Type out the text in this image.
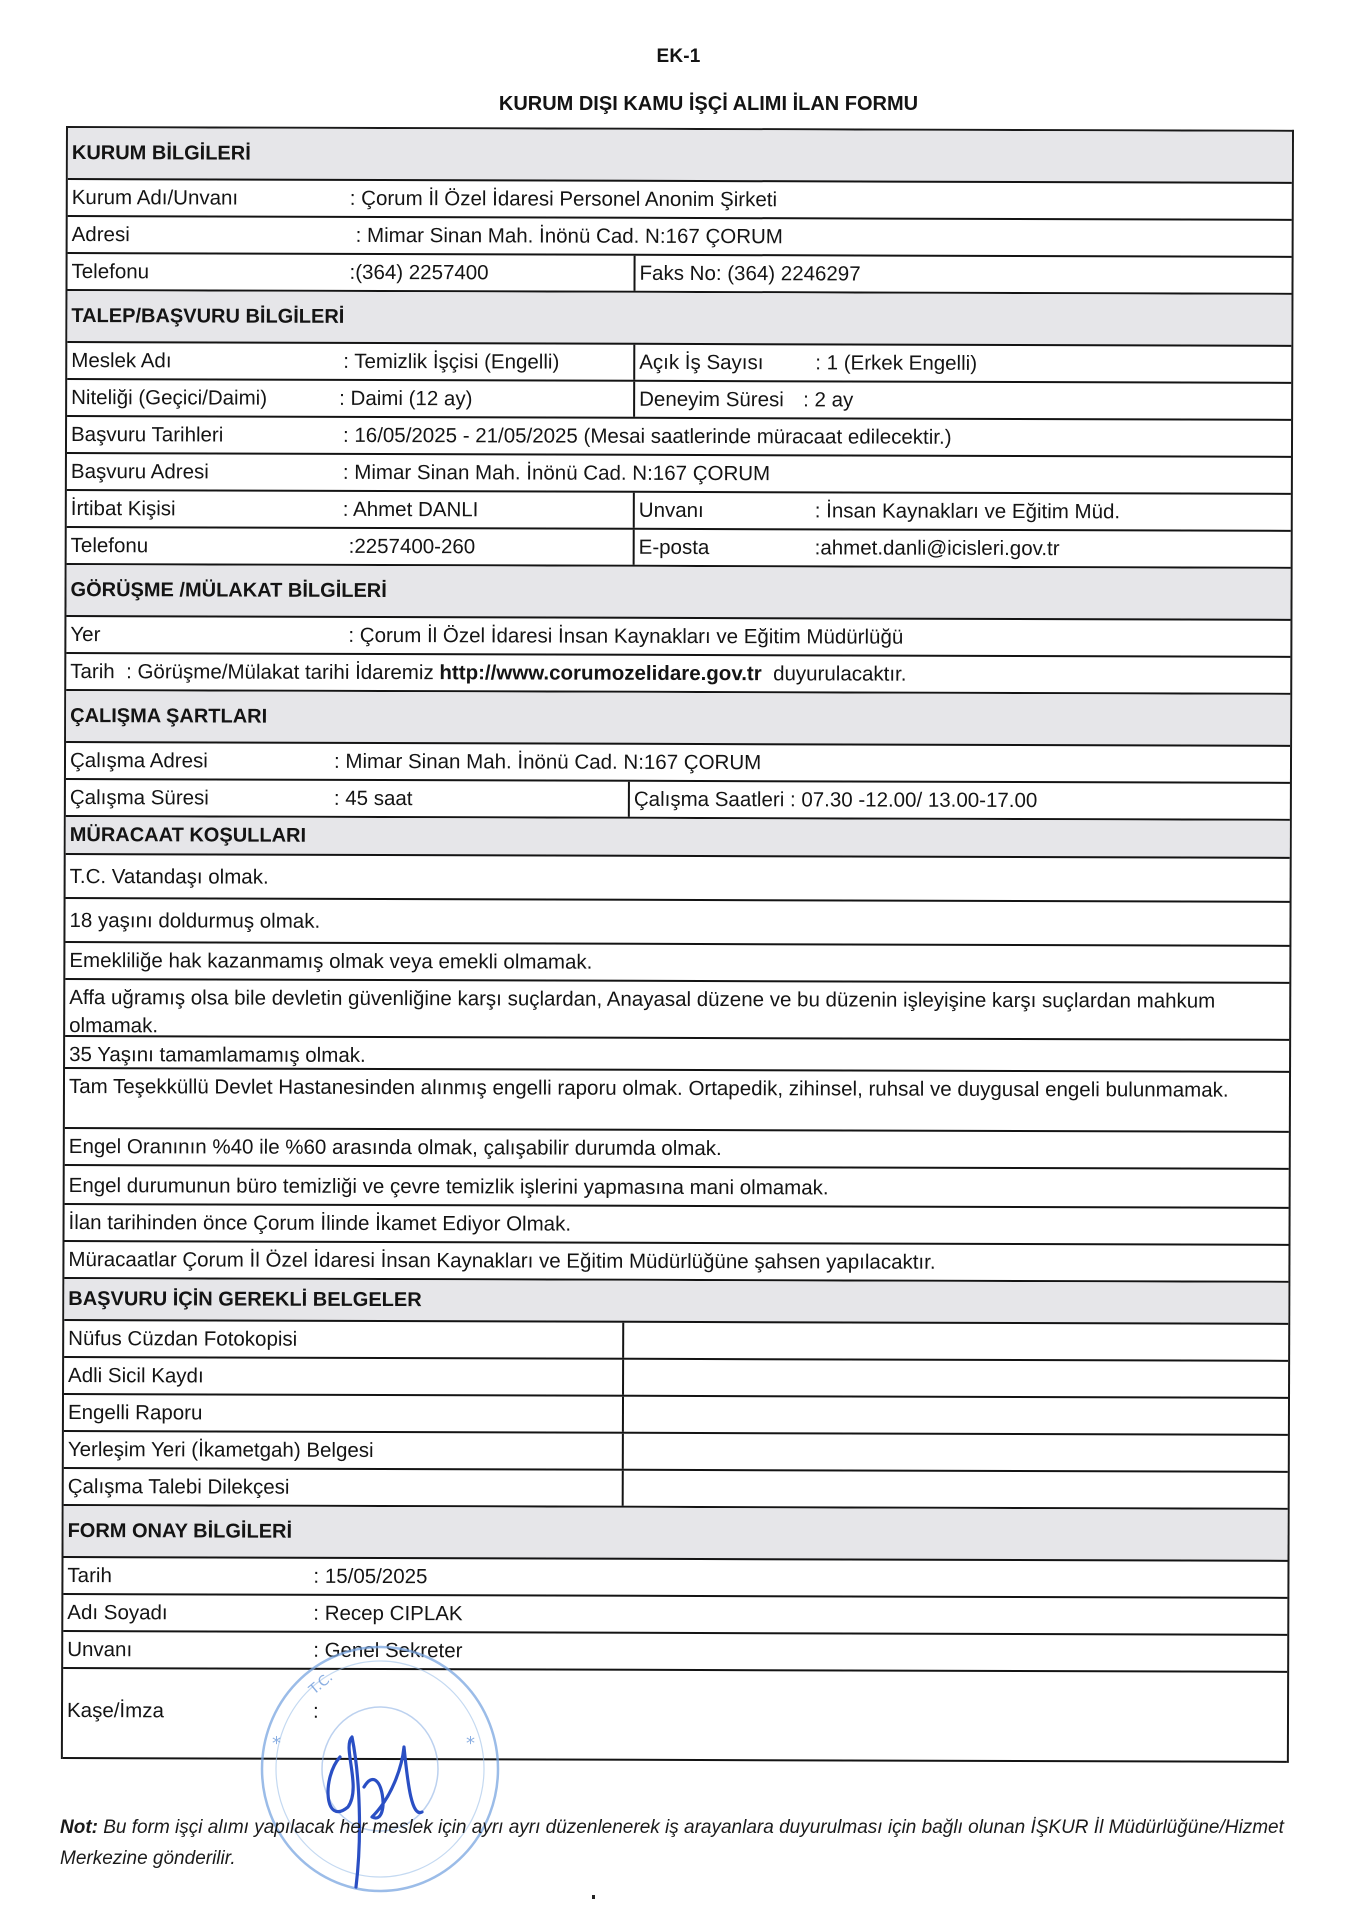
EK-1
KURUM DIŞI KAMU İŞÇİ ALIMI İLAN FORMU
KURUM BİLGİLERİ
Kurum Adı/Unvanı	: Çorum İl Özel İdaresi Personel Anonim Şirketi
Adresi	: Mimar Sinan Mah. İnönü Cad. N:167 ÇORUM
Telefonu	:(364) 2257400	Faks No: (364) 2246297
TALEP/BAŞVURU BİLGİLERİ
Meslek Adı	: Temizlik İşçisi (Engelli)	Açık İş Sayısı	: 1 (Erkek Engelli)
Niteliği (Geçici/Daimi)	: Daimi (12 ay)	Deneyim Süresi : 2 ay
Başvuru Tarihleri	: 16/05/2025 - 21/05/2025 (Mesai saatlerinde müracaat edilecektir.)
Başvuru Adresi	: Mimar Sinan Mah. İnönü Cad. N:167 ÇORUM
İrtibat Kişisi	: Ahmet DANLI	Unvanı	: İnsan Kaynakları ve Eğitim Müd.
Telefonu	:2257400-260	E-posta	:ahmet.danli@icisleri.gov.tr
GÖRÜŞME /MÜLAKAT BİLGİLERİ
Yer	: Çorum İl Özel İdaresi İnsan Kaynakları ve Eğitim Müdürlüğü
Tarih  : Görüşme/Mülakat tarihi İdaremiz http://www.corumozelidare.gov.tr  duyurulacaktır.
ÇALIŞMA ŞARTLARI
Çalışma Adresi	: Mimar Sinan Mah. İnönü Cad. N:167 ÇORUM
Çalışma Süresi	: 45 saat	Çalışma Saatleri : 07.30 -12.00/ 13.00-17.00
MÜRACAAT KOŞULLARI
T.C. Vatandaşı olmak.
18 yaşını doldurmuş olmak.
Emekliliğe hak kazanmamış olmak veya emekli olmamak.
Affa uğramış olsa bile devletin güvenliğine karşı suçlardan, Anayasal düzene ve bu düzenin işleyişine karşı suçlardan mahkum olmamak.
35 Yaşını tamamlamamış olmak.
Tam Teşekküllü Devlet Hastanesinden alınmış engelli raporu olmak. Ortapedik, zihinsel, ruhsal ve duygusal engeli bulunmamak.
Engel Oranının %40 ile %60 arasında olmak, çalışabilir durumda olmak.
Engel durumunun büro temizliği ve çevre temizlik işlerini yapmasına mani olmamak.
İlan tarihinden önce Çorum İlinde İkamet Ediyor Olmak.
Müracaatlar Çorum İl Özel İdaresi İnsan Kaynakları ve Eğitim Müdürlüğüne şahsen yapılacaktır.
BAŞVURU İÇİN GEREKLİ BELGELER
Nüfus Cüzdan Fotokopisi
Adli Sicil Kaydı
Engelli Raporu
Yerleşim Yeri (İkametgah) Belgesi
Çalışma Talebi Dilekçesi
FORM ONAY BİLGİLERİ
Tarih	: 15/05/2025
Adı Soyadı	: Recep CIPLAK
Unvanı	: Genel Sekreter
Kaşe/İmza	:
*	*
T.C.
Not: Bu form işçi alımı yapılacak her meslek için ayrı ayrı düzenlenerek iş arayanlara duyurulması için bağlı olunan İŞKUR İl Müdürlüğüne/Hizmet Merkezine gönderilir.
